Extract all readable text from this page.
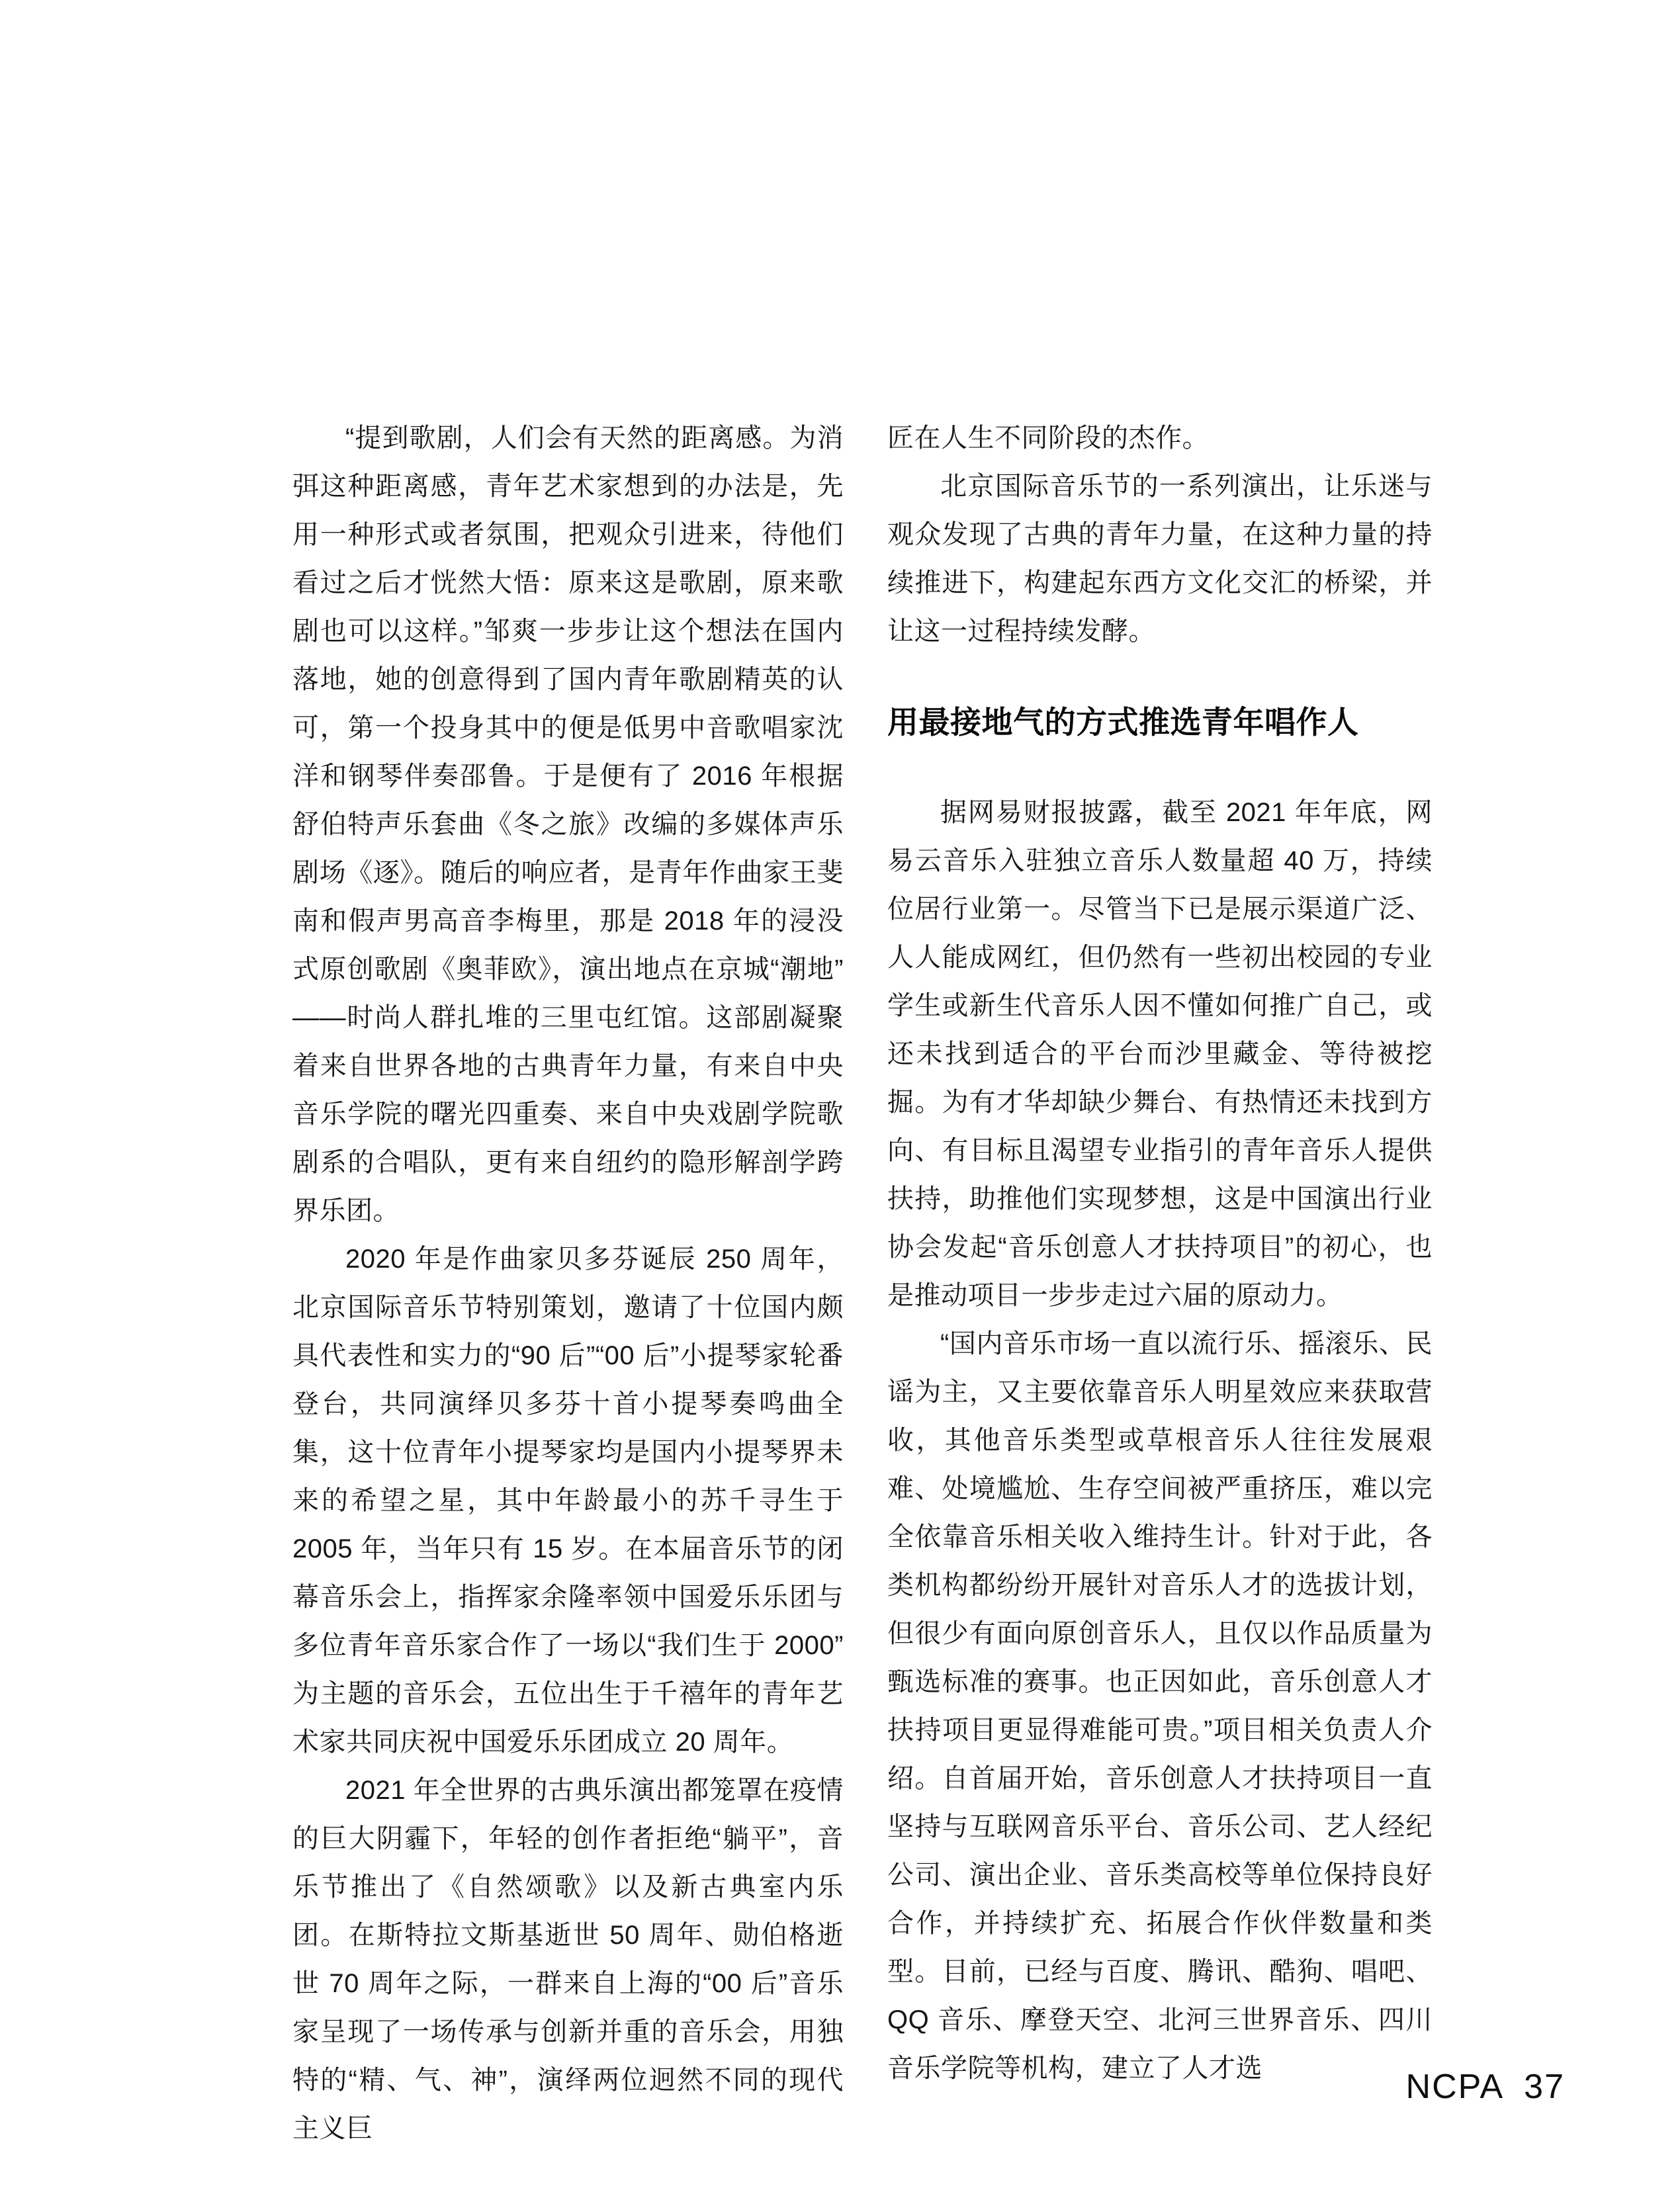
“提到歌剧，人们会有天然的距离感。为消弭这种距离感，青年艺术家想到的办法是，先用一种形式或者氛围，把观众引进来，待他们看过之后才恍然大悟：原来这是歌剧，原来歌剧也可以这样。”邹爽一步步让这个想法在国内落地，她的创意得到了国内青年歌剧精英的认可，第一个投身其中的便是低男中音歌唱家沈洋和钢琴伴奏邵鲁。于是便有了 2016 年根据舒伯特声乐套曲《冬之旅》改编的多媒体声乐剧场《逐》。随后的响应者，是青年作曲家王斐南和假声男高音李梅里，那是 2018 年的浸没式原创歌剧《奥菲欧》，演出地点在京城“潮地”——时尚人群扎堆的三里屯红馆。这部剧凝聚着来自世界各地的古典青年力量，有来自中央音乐学院的曙光四重奏、来自中央戏剧学院歌剧系的合唱队，更有来自纽约的隐形解剖学跨界乐团。

2020 年是作曲家贝多芬诞辰 250 周年，北京国际音乐节特别策划，邀请了十位国内颇具代表性和实力的“90 后”“00 后”小提琴家轮番登台，共同演绎贝多芬十首小提琴奏鸣曲全集，这十位青年小提琴家均是国内小提琴界未来的希望之星，其中年龄最小的苏千寻生于 2005 年，当年只有 15 岁。在本届音乐节的闭幕音乐会上，指挥家余隆率领中国爱乐乐团与多位青年音乐家合作了一场以“我们生于 2000”为主题的音乐会，五位出生于千禧年的青年艺术家共同庆祝中国爱乐乐团成立 20 周年。

2021 年全世界的古典乐演出都笼罩在疫情的巨大阴霾下，年轻的创作者拒绝“躺平”，音乐节推出了《自然颂歌》以及新古典室内乐团。在斯特拉文斯基逝世 50 周年、勋伯格逝世 70 周年之际，一群来自上海的“00 后”音乐家呈现了一场传承与创新并重的音乐会，用独特的“精、气、神”，演绎两位迥然不同的现代主义巨

匠在人生不同阶段的杰作。

北京国际音乐节的一系列演出，让乐迷与观众发现了古典的青年力量，在这种力量的持续推进下，构建起东西方文化交汇的桥梁，并让这一过程持续发酵。

用最接地气的方式推选青年唱作人

据网易财报披露，截至 2021 年年底，网易云音乐入驻独立音乐人数量超 40 万，持续位居行业第一。尽管当下已是展示渠道广泛、人人能成网红，但仍然有一些初出校园的专业学生或新生代音乐人因不懂如何推广自己，或还未找到适合的平台而沙里藏金、等待被挖掘。为有才华却缺少舞台、有热情还未找到方向、有目标且渴望专业指引的青年音乐人提供扶持，助推他们实现梦想，这是中国演出行业协会发起“音乐创意人才扶持项目”的初心，也是推动项目一步步走过六届的原动力。

“国内音乐市场一直以流行乐、摇滚乐、民谣为主，又主要依靠音乐人明星效应来获取营收，其他音乐类型或草根音乐人往往发展艰难、处境尴尬、生存空间被严重挤压，难以完全依靠音乐相关收入维持生计。针对于此，各类机构都纷纷开展针对音乐人才的选拔计划，但很少有面向原创音乐人，且仅以作品质量为甄选标准的赛事。也正因如此，音乐创意人才扶持项目更显得难能可贵。”项目相关负责人介绍。自首届开始，音乐创意人才扶持项目一直坚持与互联网音乐平台、音乐公司、艺人经纪公司、演出企业、音乐类高校等单位保持良好合作，并持续扩充、拓展合作伙伴数量和类型。目前，已经与百度、腾讯、酷狗、唱吧、QQ 音乐、摩登天空、北河三世界音乐、四川音乐学院等机构，建立了人才选	NCPA 37
